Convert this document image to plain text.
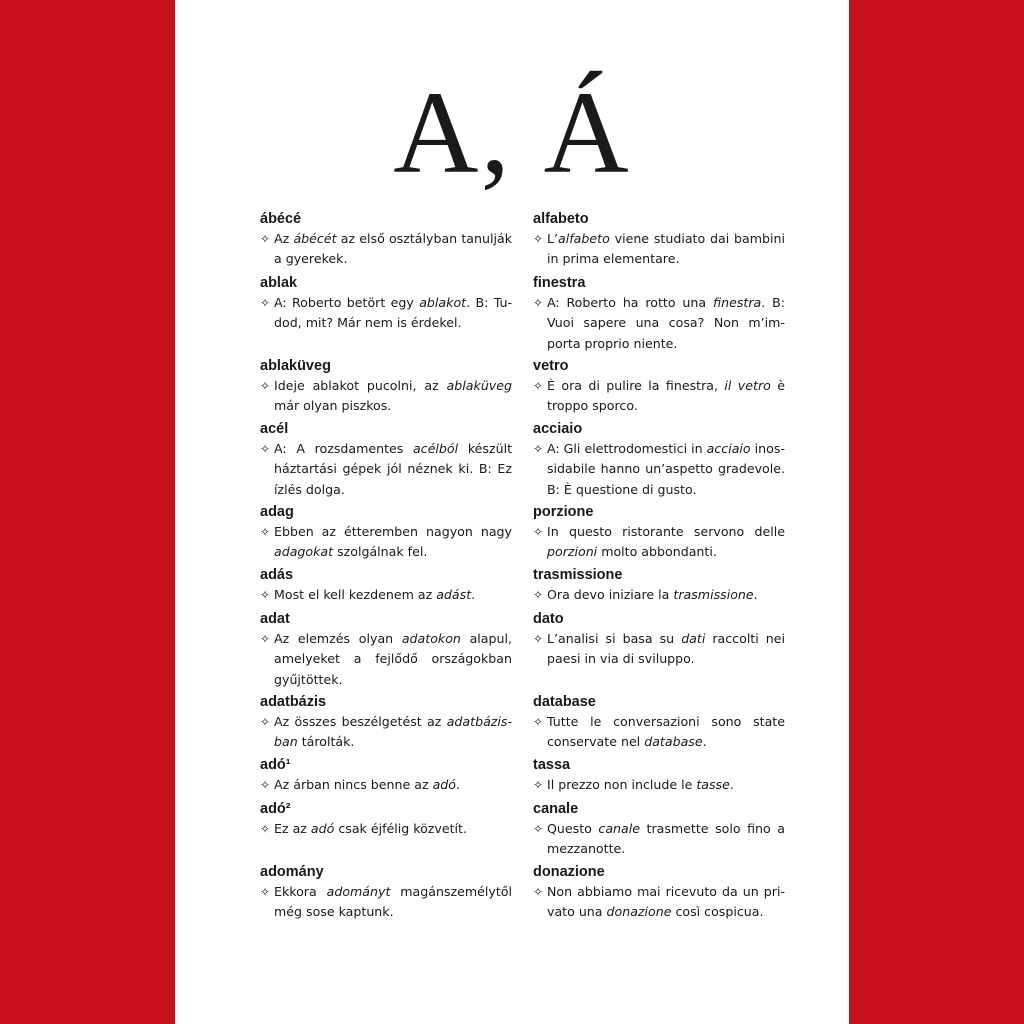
A, Á
ábécé
✧ Az ábécét az első osztályban tanulják a gyerekek.
alfabeto
✧ L’alfabeto viene studiato dai bambini in prima elementare.
ablak
✧ A: Roberto betört egy ablakot. B: Tudod, mit? Már nem is érdekel.
finestra
✧ A: Roberto ha rotto una finestra. B: Vuoi sapere una cosa? Non m’importa proprio niente.
ablaküveg
✧ Ideje ablakot pucolni, az ablaküveg már olyan piszkos.
vetro
✧ È ora di pulire la finestra, il vetro è troppo sporco.
acél
✧ A: A rozsdamentes acélból készült háztartási gépek jól néznek ki. B: Ez ízlés dolga.
acciaio
✧ A: Gli elettrodomestici in acciaio inossidabile hanno un’aspetto gradevole. B: È questione di gusto.
adag
✧ Ebben az étteremben nagyon nagy adagokat szolgálnak fel.
porzione
✧ In questo ristorante servono delle porzioni molto abbondanti.
adás
✧ Most el kell kezdenem az adást.
trasmissione
✧ Ora devo iniziare la trasmissione.
adat
✧ Az elemzés olyan adatokon alapul, amelyeket a fejlődő országokban gyűjtöttek.
dato
✧ L’analisi si basa su dati raccolti nei paesi in via di sviluppo.
adatbázis
✧ Az összes beszélgetést az adatbázisban tárolták.
database
✧ Tutte le conversazioni sono state conservate nel database.
adó¹
✧ Az árban nincs benne az adó.
tassa
✧ Il prezzo non include le tasse.
adó²
✧ Ez az adó csak éjfélig közvetít.
canale
✧ Questo canale trasmette solo fino a mezzanotte.
adomány
✧ Ekkora adományt magánszemélytől még sose kaptunk.
donazione
✧ Non abbiamo mai ricevuto da un privato una donazione così cospicua.
